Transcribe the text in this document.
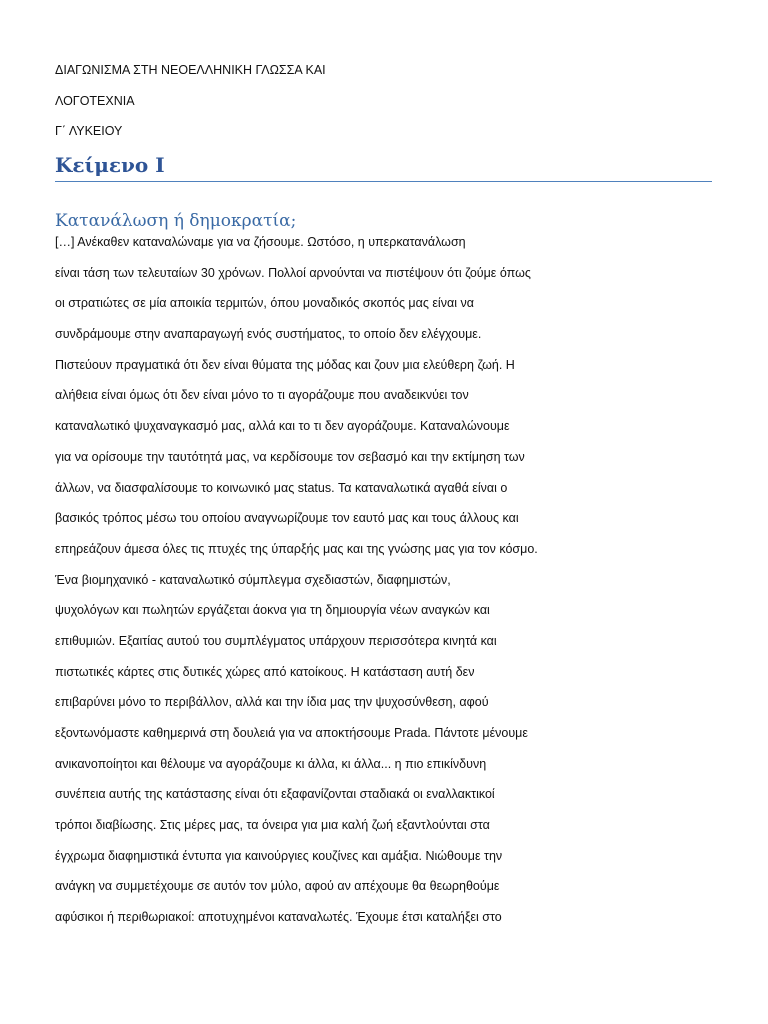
ΔΙΑΓΩΝΙΣΜΑ ΣΤΗ ΝΕΟΕΛΛΗΝΙΚΗ ΓΛΩΣΣΑ ΚΑΙ
ΛΟΓΟΤΕΧΝΙΑ
Γ΄ ΛΥΚΕΙΟΥ
Κείμενο Ι
Κατανάλωση ή δημοκρατία;
[…] Ανέκαθεν καταναλώναμε για να ζήσουμε. Ωστόσο, η υπερκατανάλωση
είναι τάση των τελευταίων 30 χρόνων. Πολλοί αρνούνται να πιστέψουν ότι ζούμε όπως
οι στρατιώτες σε μία αποικία τερμιτών, όπου μοναδικός σκοπός μας είναι να
συνδράμουμε στην αναπαραγωγή ενός συστήματος, το οποίο δεν ελέγχουμε.
Πιστεύουν πραγματικά ότι δεν είναι θύματα της μόδας και ζουν μια ελεύθερη ζωή. Η
αλήθεια είναι όμως ότι δεν είναι μόνο το τι αγοράζουμε που αναδεικνύει τον
καταναλωτικό ψυχαναγκασμό μας, αλλά και το τι δεν αγοράζουμε. Καταναλώνουμε
για να ορίσουμε την ταυτότητά μας, να κερδίσουμε τον σεβασμό και την εκτίμηση των
άλλων, να διασφαλίσουμε το κοινωνικό μας status. Τα καταναλωτικά αγαθά είναι ο
βασικός τρόπος μέσω του οποίου αναγνωρίζουμε τον εαυτό μας και τους άλλους και
επηρεάζουν άμεσα όλες τις πτυχές της ύπαρξής μας και της γνώσης μας για τον κόσμο.
Ένα βιομηχανικό - καταναλωτικό σύμπλεγμα σχεδιαστών, διαφημιστών,
ψυχολόγων και πωλητών εργάζεται άοκνα για τη δημιουργία νέων αναγκών και
επιθυμιών. Εξαιτίας αυτού του συμπλέγματος υπάρχουν περισσότερα κινητά και
πιστωτικές κάρτες στις δυτικές χώρες από κατοίκους. Η κατάσταση αυτή δεν
επιβαρύνει μόνο το περιβάλλον, αλλά και την ίδια μας την ψυχοσύνθεση, αφού
εξοντωνόμαστε καθημερινά στη δουλειά για να αποκτήσουμε Prada. Πάντοτε μένουμε
ανικανοποίητοι και θέλουμε να αγοράζουμε κι άλλα, κι άλλα... η πιο επικίνδυνη
συνέπεια αυτής της κατάστασης είναι ότι εξαφανίζονται σταδιακά οι εναλλακτικοί
τρόποι διαβίωσης. Στις μέρες μας, τα όνειρα για μια καλή ζωή εξαντλούνται στα
έγχρωμα διαφημιστικά έντυπα για καινούργιες κουζίνες και αμάξια. Νιώθουμε την
ανάγκη να συμμετέχουμε σε αυτόν τον μύλο, αφού αν απέχουμε θα θεωρηθούμε
αφύσικοι ή περιθωριακοί: αποτυχημένοι καταναλωτές. Έχουμε έτσι καταλήξει στο
